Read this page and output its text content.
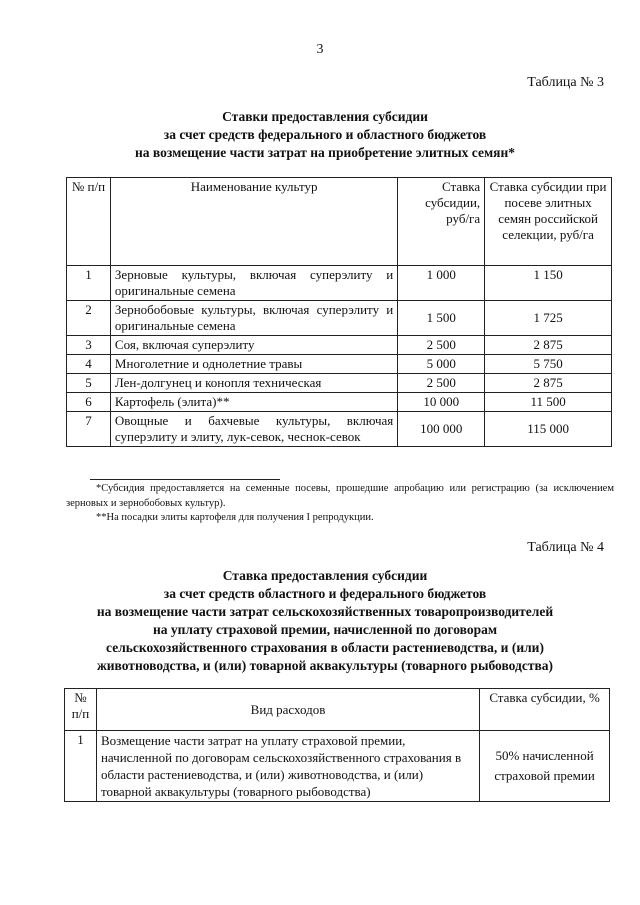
3
Таблица № 3
Ставки предоставления субсидии
за счет средств федерального и областного бюджетов
на возмещение части затрат на приобретение элитных семян*
№ п/п	Наименование культур	Ставка субсидии, руб/га	Ставка субсидии при посеве элитных семян российской селекции, руб/га
1	Зерновые культуры, включая суперэлиту и оригинальные семена	1 000	1 150
2	Зернобобовые культуры, включая суперэлиту и оригинальные семена	1 500	1 725
3	Соя, включая суперэлиту	2 500	2 875
4	Многолетние и однолетние травы	5 000	5 750
5	Лен-долгунец и конопля техническая	2 500	2 875
6	Картофель (элита)**	10 000	11 500
7	Овощные и бахчевые культуры, включая суперэлиту и элиту, лук-севок, чеснок-севок	100 000	115 000
*Субсидия предоставляется на семенные посевы, прошедшие апробацию или регистрацию (за исключением зерновых и зернобобовых культур).
**На посадки элиты картофеля для получения I репродукции.
Таблица № 4
Ставка предоставления субсидии
за счет средств областного и федерального бюджетов
на возмещение части затрат сельскохозяйственных товаропроизводителей
на уплату страховой премии, начисленной по договорам
сельскохозяйственного страхования в области растениеводства, и (или)
животноводства, и (или) товарной аквакультуры (товарного рыбоводства)
№ п/п	Вид расходов	Ставка субсидии, %
1	Возмещение части затрат на уплату страховой премии, начисленной по договорам сельскохозяйственного страхования в области растениеводства, и (или) животноводства, и (или) товарной аквакультуры (товарного рыбоводства)	50% начисленной страховой премии
